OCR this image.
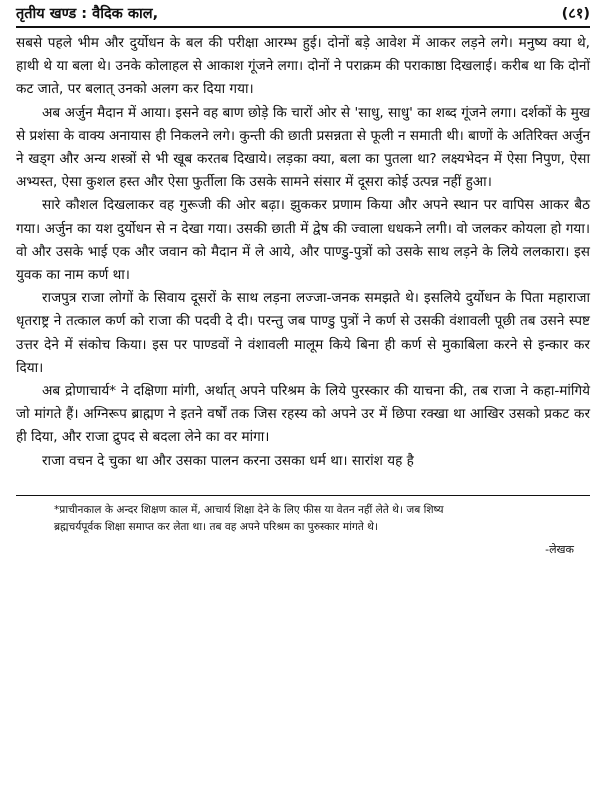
तृतीय खण्ड : वैदिक काल,	(८१)

सबसे पहले भीम और दुर्योधन के बल की परीक्षा आरम्भ हुई। दोनों बड़े आवेश में आकर लड़ने लगे। मनुष्य क्या थे, हाथी थे या बला थे। उनके कोलाहल से आकाश गूंजने लगा। दोनों ने पराक्रम की पराकाष्ठा दिखलाई। करीब था कि दोनों कट जाते, पर बलात् उनको अलग कर दिया गया।

अब अर्जुन मैदान में आया। इसने वह बाण छोड़े कि चारों ओर से 'साधु, साधु' का शब्द गूंजने लगा। दर्शकों के मुख से प्रशंसा के वाक्य अनायास ही निकलने लगे। कुन्ती की छाती प्रसन्नता से फूली न समाती थी। बाणों के अतिरिक्त अर्जुन ने खड्ग और अन्य शस्त्रों से भी खूब करतब दिखाये। लड़का क्या, बला का पुतला था? लक्ष्यभेदन में ऐसा निपुण, ऐसा अभ्यस्त, ऐसा कुशल हस्त और ऐसा फुर्तीला कि उसके सामने संसार में दूसरा कोई उत्पन्न नहीं हुआ।

सारे कौशल दिखलाकर वह गुरूजी की ओर बढ़ा। झुककर प्रणाम किया और अपने स्थान पर वापिस आकर बैठ गया। अर्जुन का यश दुर्योधन से न देखा गया। उसकी छाती में द्वेष की ज्वाला धधकने लगी। वो जलकर कोयला हो गया। वो और उसके भाई एक और जवान को मैदान में ले आये, और पाण्डु-पुत्रों को उसके साथ लड़ने के लिये ललकारा। इस युवक का नाम कर्ण था।

राजपुत्र राजा लोगों के सिवाय दूसरों के साथ लड़ना लज्जा-जनक समझते थे। इसलिये दुर्योधन के पिता महाराजा धृतराष्ट्र ने तत्काल कर्ण को राजा की पदवी दे दी। परन्तु जब पाण्डु पुत्रों ने कर्ण से उसकी वंशावली पूछी तब उसने स्पष्ट उत्तर देने में संकोच किया। इस पर पाण्डवों ने वंशावली मालूम किये बिना ही कर्ण से मुकाबिला करने से इन्कार कर दिया।

अब द्रोणाचार्य* ने दक्षिणा मांगी, अर्थात् अपने परिश्रम के लिये पुरस्कार की याचना की, तब राजा ने कहा-मांगिये जो मांगते हैं। अग्निरूप ब्राह्मण ने इतने वर्षों तक जिस रहस्य को अपने उर में छिपा रक्खा था आखिर उसको प्रकट कर ही दिया, और राजा द्रुपद से बदला लेने का वर मांगा।

राजा वचन दे चुका था और उसका पालन करना उसका धर्म था। सारांश यह है

*प्राचीनकाल के अन्दर शिक्षण काल में, आचार्य शिक्षा देने के लिए फीस या वेतन नहीं लेते थे। जब शिष्य

ब्रह्मचर्यपूर्वक शिक्षा समाप्त कर लेता था। तब वह अपने परिश्रम का पुरुस्कार मांगते थे।

-लेखक
